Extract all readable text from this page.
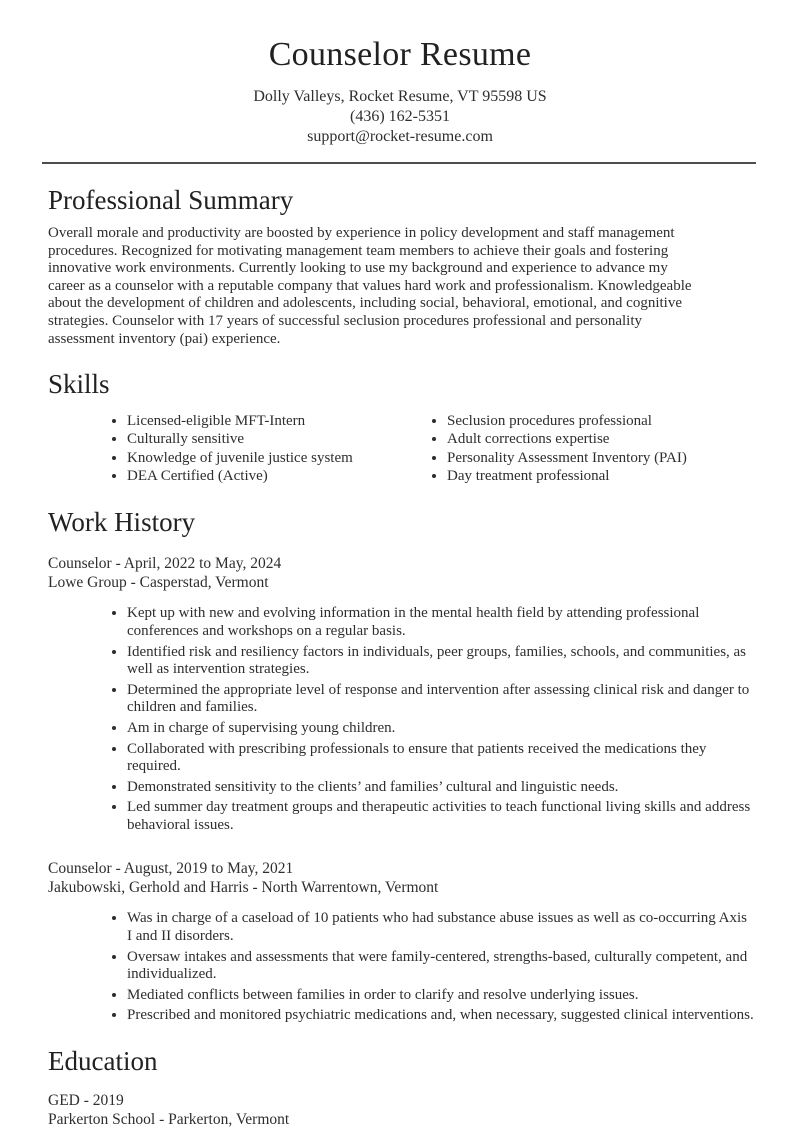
Counselor Resume
Dolly Valleys, Rocket Resume, VT 95598 US
(436) 162-5351
support@rocket-resume.com
Professional Summary

Overall morale and productivity are boosted by experience in policy development and staff management procedures. Recognized for motivating management team members to achieve their goals and fostering innovative work environments. Currently looking to use my background and experience to advance my career as a counselor with a reputable company that values hard work and professionalism. Knowledgeable about the development of children and adolescents, including social, behavioral, emotional, and cognitive strategies. Counselor with 17 years of successful seclusion procedures professional and personality assessment inventory (pai) experience.

Skills
• Licensed-eligible MFT-Intern
• Culturally sensitive
• Knowledge of juvenile justice system
• DEA Certified (Active)
• Seclusion procedures professional
• Adult corrections expertise
• Personality Assessment Inventory (PAI)
• Day treatment professional
Work History

Counselor - April, 2022 to May, 2024

Lowe Group - Casperstad, Vermont

• Kept up with new and evolving information in the mental health field by attending professional conferences and workshops on a regular basis.
• Identified risk and resiliency factors in individuals, peer groups, families, schools, and communities, as well as intervention strategies.
• Determined the appropriate level of response and intervention after assessing clinical risk and danger to children and families.
• Am in charge of supervising young children.
• Collaborated with prescribing professionals to ensure that patients received the medications they required.
• Demonstrated sensitivity to the clients’ and families’ cultural and linguistic needs.
• Led summer day treatment groups and therapeutic activities to teach functional living skills and address behavioral issues.

Counselor - August, 2019 to May, 2021

Jakubowski, Gerhold and Harris - North Warrentown, Vermont

• Was in charge of a caseload of 10 patients who had substance abuse issues as well as co-occurring Axis I and II disorders.
• Oversaw intakes and assessments that were family-centered, strengths-based, culturally competent, and individualized.
• Mediated conflicts between families in order to clarify and resolve underlying issues.
• Prescribed and monitored psychiatric medications and, when necessary, suggested clinical interventions.
Education

GED - 2019

Parkerton School - Parkerton, Vermont
